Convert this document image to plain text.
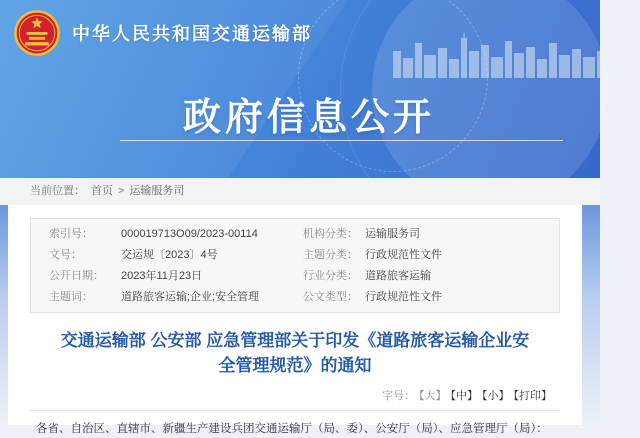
中华人民共和国交通运输部
政府信息公开
当前位置： 首页 > 运输服务司
索引号：	000019713O09/2023-00114	机构分类： 运输服务司
文号：	交运规〔2023〕4号	主题分类： 行政规范性文件
公开日期：	2023年11月23日	行业分类： 道路旅客运输
主题词：	道路旅客运输;企业;安全管理	公文类型： 行政规范性文件
交通运输部 公安部 应急管理部关于印发《道路旅客运输企业安全管理规范》的通知
字号： 【大】 【中】 【小】 【打印】

各省、自治区、直辖市、新疆生产建设兵团交通运输厅（局、委）、公安厅（局）、应急管理厅（局）：
